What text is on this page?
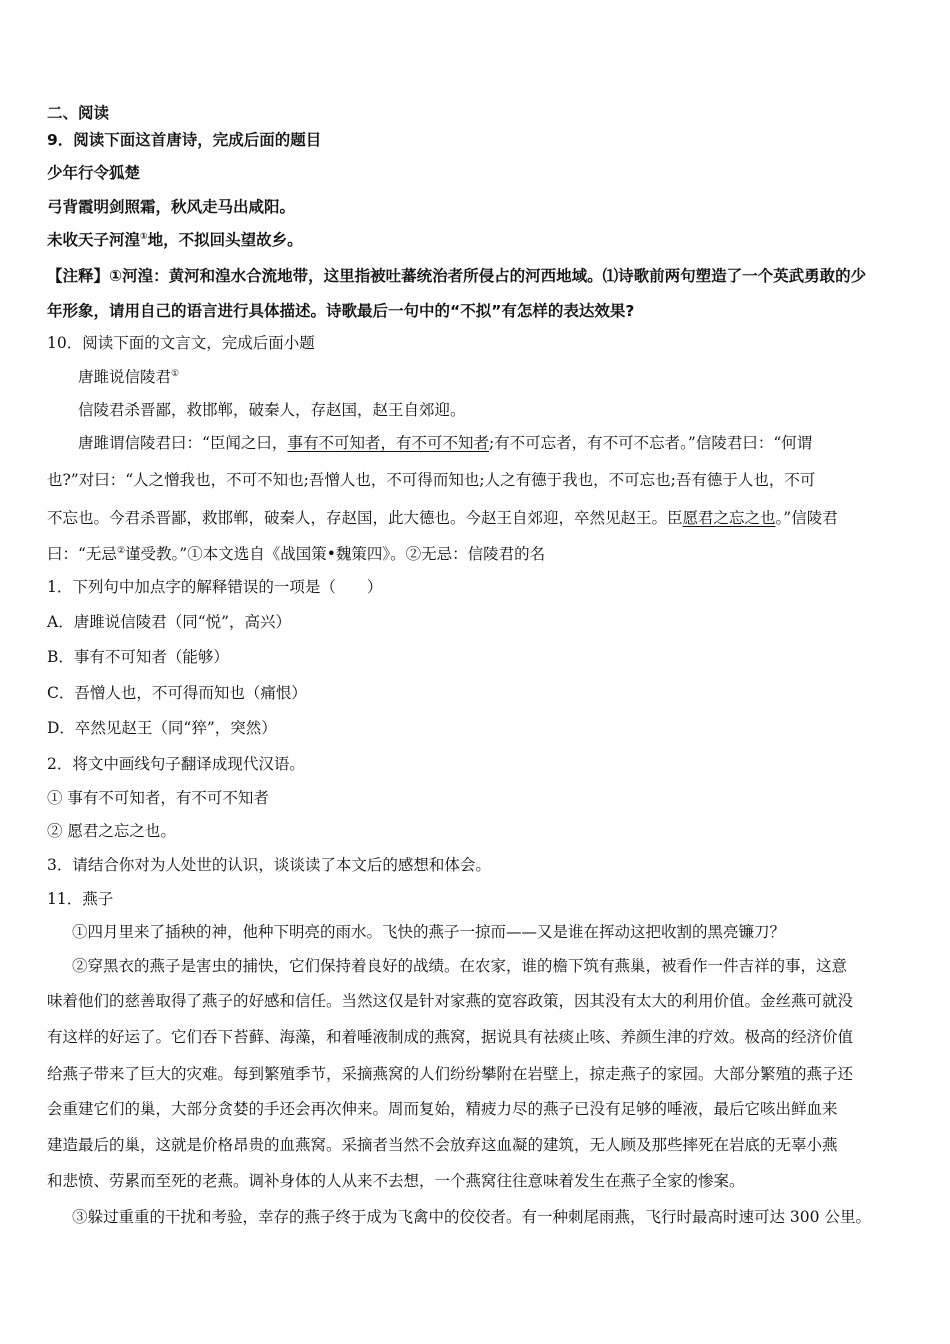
二、阅读
9．阅读下面这首唐诗，完成后面的题目
少年行令狐楚
弓背霞明剑照霜，秋风走马出咸阳。
未收天子河湟①地，不拟回头望故乡。
【注释】①河湟：黄河和湟水合流地带，这里指被吐蕃统治者所侵占的河西地域。⑴诗歌前两句塑造了一个英武勇敢的少
年形象，请用自己的语言进行具体描述。诗歌最后一句中的“不拟”有怎样的表达效果?
10．阅读下面的文言文，完成后面小题
唐雎说信陵君①
信陵君杀晋鄙，救邯郸，破秦人，存赵国，赵王自郊迎。
唐雎谓信陵君曰：“臣闻之曰，事有不可知者，有不可不知者;有不可忘者，有不可不忘者。”信陵君曰：“何谓
也?”对曰：“人之憎我也，不可不知也;吾憎人也，不可得而知也;人之有德于我也，不可忘也;吾有德于人也，不可
不忘也。今君杀晋鄙，救邯郸，破秦人，存赵国，此大德也。今赵王自郊迎，卒然见赵王。臣愿君之忘之也。”信陵君
曰：“无忌②谨受教。”①本文选自《战国策•魏策四》。②无忌：信陵君的名
1．下列句中加点字的解释错误的一项是（　　）
A．唐雎说信陵君（同“悦”，高兴）
B．事有不可知者（能够）
C．吾憎人也，不可得而知也（痛恨）
D．卒然见赵王（同“猝”，突然）
2．将文中画线句子翻译成现代汉语。
① 事有不可知者，有不可不知者
② 愿君之忘之也。
3．请结合你对为人处世的认识，谈谈读了本文后的感想和体会。
11．燕子
①四月里来了插秧的神，他种下明亮的雨水。飞快的燕子一掠而——又是谁在挥动这把收割的黑亮镰刀？
②穿黑衣的燕子是害虫的捕快，它们保持着良好的战绩。在农家，谁的檐下筑有燕巢，被看作一件吉祥的事，这意
味着他们的慈善取得了燕子的好感和信任。当然这仅是针对家燕的宽容政策，因其没有太大的利用价值。金丝燕可就没
有这样的好运了。它们吞下苔藓、海藻，和着唾液制成的燕窝，据说具有祛痰止咳、养颜生津的疗效。极高的经济价值
给燕子带来了巨大的灾难。每到繁殖季节，采摘燕窝的人们纷纷攀附在岩壁上，掠走燕子的家园。大部分繁殖的燕子还
会重建它们的巢，大部分贪婪的手还会再次伸来。周而复始，精疲力尽的燕子已没有足够的唾液，最后它咳出鲜血来
建造最后的巢，这就是价格昂贵的血燕窝。采摘者当然不会放弃这血凝的建筑，无人顾及那些摔死在岩底的无辜小燕
和悲愤、劳累而至死的老燕。调补身体的人从来不去想，一个燕窝往往意味着发生在燕子全家的惨案。
③躲过重重的干扰和考验，幸存的燕子终于成为飞禽中的佼佼者。有一种刺尾雨燕，飞行时最高时速可达 300 公里。
